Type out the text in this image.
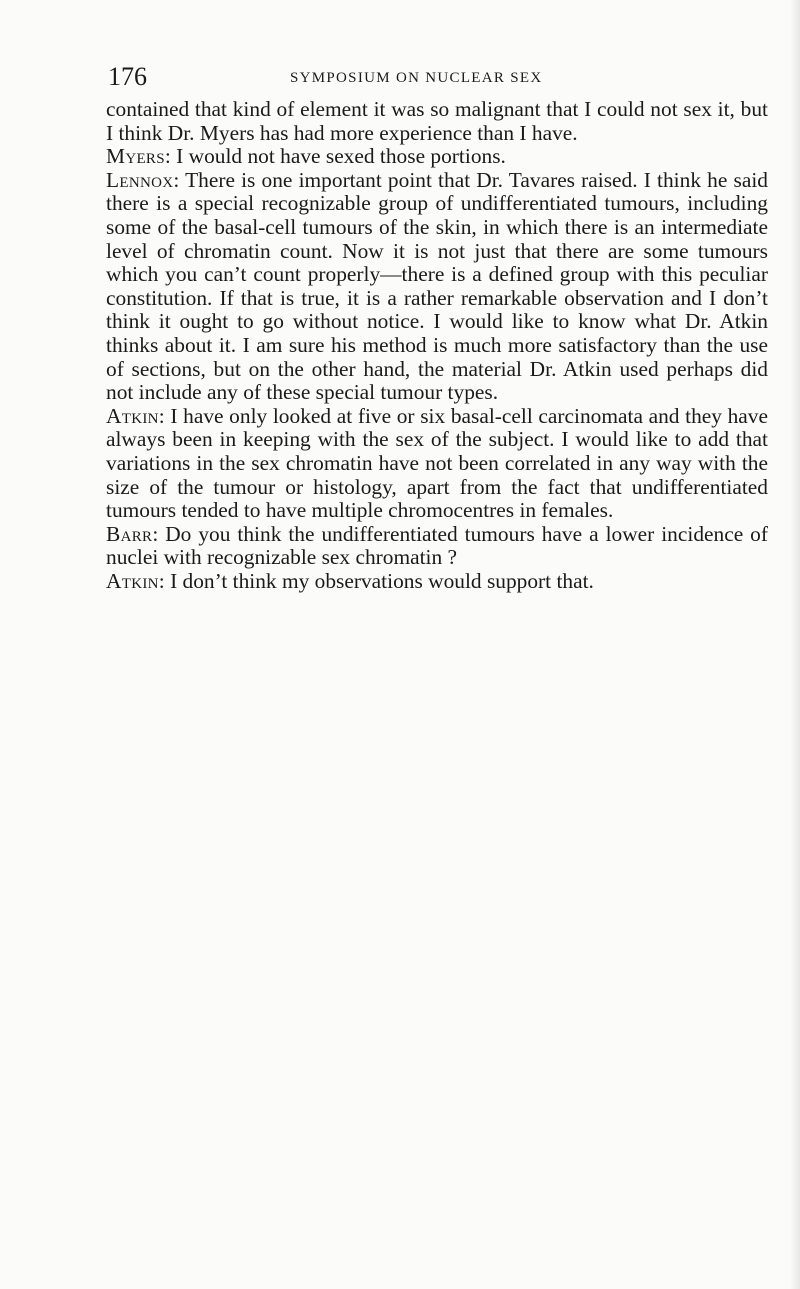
176	SYMPOSIUM ON NUCLEAR SEX

contained that kind of element it was so malignant that I could not sex it, but I think Dr. Myers has had more experience than I have.

Myers: I would not have sexed those portions.

Lennox: There is one important point that Dr. Tavares raised. I think he said there is a special recognizable group of undifferentiated tumours, including some of the basal-cell tumours of the skin, in which there is an intermediate level of chromatin count. Now it is not just that there are some tumours which you can’t count properly—there is a defined group with this peculiar constitution. If that is true, it is a rather remarkable observation and I don’t think it ought to go without notice. I would like to know what Dr. Atkin thinks about it. I am sure his method is much more satisfactory than the use of sections, but on the other hand, the material Dr. Atkin used perhaps did not include any of these special tumour types.

Atkin: I have only looked at five or six basal-cell carcinomata and they have always been in keeping with the sex of the subject. I would like to add that variations in the sex chromatin have not been correlated in any way with the size of the tumour or histology, apart from the fact that undifferentiated tumours tended to have multiple chromocentres in females.

Barr: Do you think the undifferentiated tumours have a lower incidence of nuclei with recognizable sex chromatin ?

Atkin: I don’t think my observations would support that.
